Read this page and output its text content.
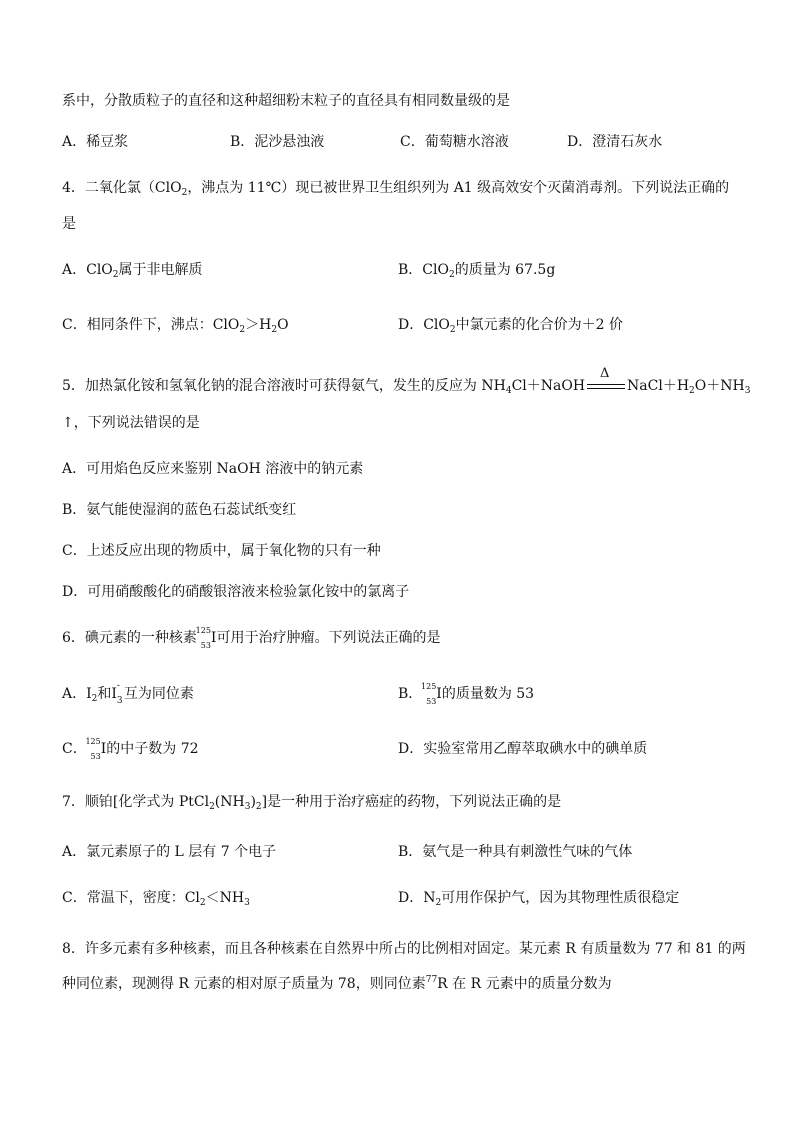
系中，分散质粒子的直径和这种超细粉末粒子的直径具有相同数量级的是
A．稀豆浆	B．泥沙悬浊液	C．葡萄糖水溶液	D．澄清石灰水
4．二氧化氯（ClO$_2$，沸点为 11℃）现已被世界卫生组织列为 A1 级高效安个灭菌消毒剂。下列说法正确的
是
A．ClO$_2$属于非电解质	B．ClO$_2$的质量为 67.5g
C．相同条件下，沸点：$ClO_2>H_2O$	D．ClO$_2$中氯元素的化合价为＋2 价
5．加热氯化铵和氢氧化钠的混合溶液时可获得氨气，发生的反应为 $NH_4Cl+NaOH$
Δ
$NaCl+H_2O+NH_3$
↑，下列说法错误的是
A．可用焰色反应来鉴别 NaOH 溶液中的钠元素
B．氨气能使湿润的蓝色石蕊试纸变红
C．上述反应出现的物质中，属于氧化物的只有一种
D．可用硝酸酸化的硝酸银溶液来检验氯化铵中的氯离子
6．碘元素的一种核素
125
53 I可用于治疗肿瘤。下列说法正确的是
A．$I_2$和I -
3 互为同位素	B．
125
53 I的质量数为 53
C．
125
53 I的中子数为 72	D．实验室常用乙醇萃取碘水中的碘单质
7．顺铂[化学式为 $PtCl_2(NH_3)_2$]是一种用于治疗癌症的药物，下列说法正确的是
A．氯元素原子的 L 层有 7 个电子	B．氨气是一种具有刺激性气味的气体
C．常温下，密度：$Cl_2<NH_3$	D．$N_2$可用作保护气，因为其物理性质很稳定
8．许多元素有多种核素，而且各种核素在自然界中所占的比例相对固定。某元素 R 有质量数为 77 和 81 的两
种同位素，现测得 R 元素的相对原子质量为 78，则同位素$^{77}$R 在 R 元素中的质量分数为
